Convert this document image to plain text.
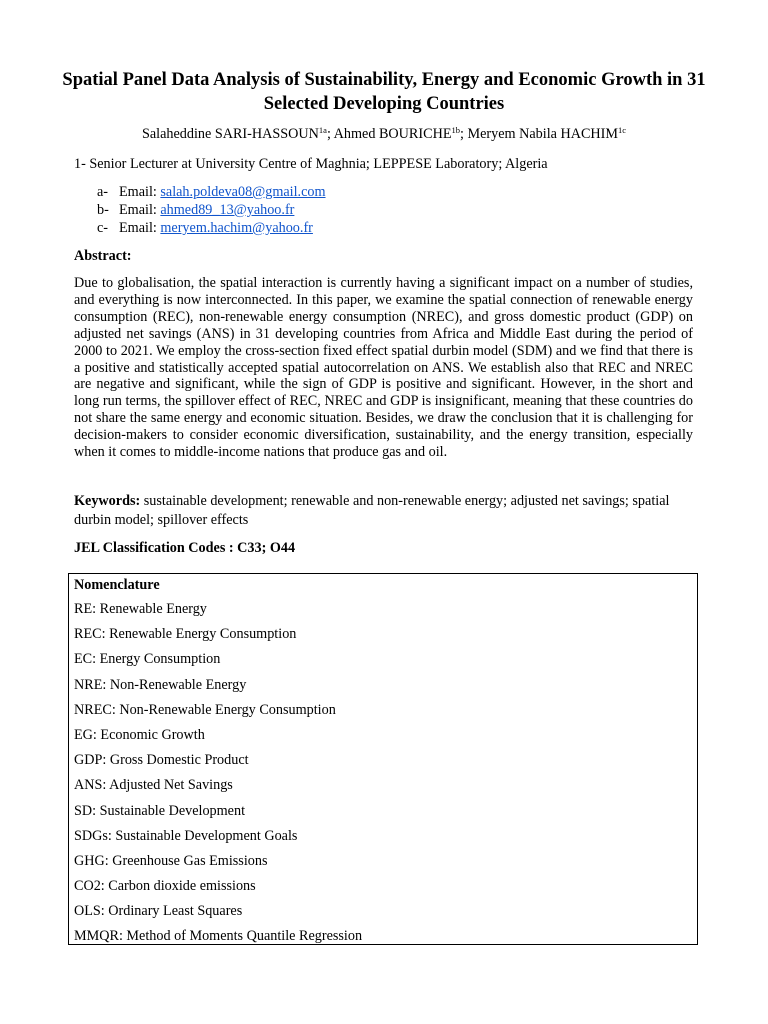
Spatial Panel Data Analysis of Sustainability, Energy and Economic Growth in 31 Selected Developing Countries
Salaheddine SARI-$HASSOUN^{1a}$; Ahmed $BOURICHE^{1b}$; Meryem Nabila $HACHIM^{1c}$
1- Senior Lecturer at University Centre of Maghnia; LEPPESE Laboratory; Algeria
a- Email: salah.poldeva08@gmail.com
b- Email: ahmed89_13@yahoo.fr
c- Email: meryem.hachim@yahoo.fr
Abstract:

Due to globalisation, the spatial interaction is currently having a significant impact on a number of studies, and everything is now interconnected. In this paper, we examine the spatial connection of renewable energy consumption (REC), non-renewable energy consumption (NREC), and gross domestic product (GDP) on adjusted net savings (ANS) in 31 developing countries from Africa and Middle East during the period of 2000 to 2021. We employ the cross-section fixed effect spatial durbin model (SDM) and we find that there is a positive and statistically accepted spatial autocorrelation on ANS. We establish also that REC and NREC are negative and significant, while the sign of GDP is positive and significant. However, in the short and long run terms, the spillover effect of REC, NREC and GDP is insignificant, meaning that these countries do not share the same energy and economic situation. Besides, we draw the conclusion that it is challenging for decision-makers to consider economic diversification, sustainability, and the energy transition, especially when it comes to middle-income nations that produce gas and oil.

Keywords: sustainable development; renewable and non-renewable energy; adjusted net savings; spatial durbin model; spillover effects

JEL Classification Codes : C33; O44
Nomenclature
RE: Renewable Energy
REC: Renewable Energy Consumption
EC: Energy Consumption
NRE: Non-Renewable Energy
NREC: Non-Renewable Energy Consumption
EG: Economic Growth
GDP: Gross Domestic Product
ANS: Adjusted Net Savings
SD: Sustainable Development
SDGs: Sustainable Development Goals
GHG: Greenhouse Gas Emissions
CO2: Carbon dioxide emissions
OLS: Ordinary Least Squares
MMQR: Method of Moments Quantile Regression
